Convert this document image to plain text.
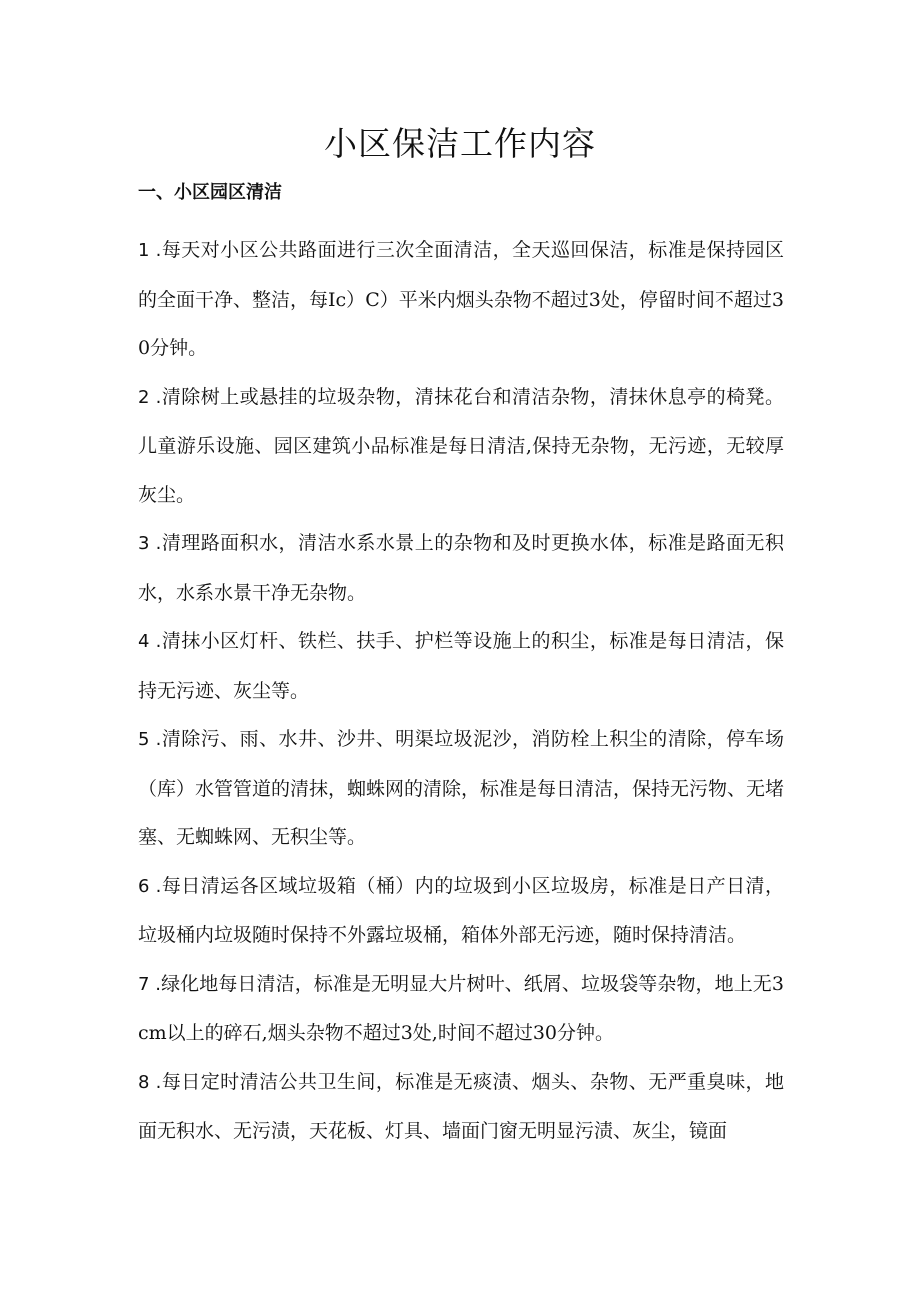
小区保洁工作内容
一、小区园区清洁

1 .每天对小区公共路面进行三次全面清洁，全天巡回保洁，标准是保持园区的全面干净、整洁，每Ic）C）平米内烟头杂物不超过3处，停留时间不超过30分钟。

2 .清除树上或悬挂的垃圾杂物，清抹花台和清洁杂物，清抹休息亭的椅凳。儿童游乐设施、园区建筑小品标准是每日清洁,保持无杂物，无污迹，无较厚灰尘。

3 .清理路面积水，清洁水系水景上的杂物和及时更换水体，标准是路面无积水，水系水景干净无杂物。

4 .清抹小区灯杆、铁栏、扶手、护栏等设施上的积尘，标准是每日清洁，保持无污迹、灰尘等。

5 .清除污、雨、水井、沙井、明渠垃圾泥沙，消防栓上积尘的清除，停车场（库）水管管道的清抹，蜘蛛网的清除，标准是每日清洁，保持无污物、无堵塞、无蜘蛛网、无积尘等。

6 .每日清运各区域垃圾箱（桶）内的垃圾到小区垃圾房，标准是日产日清，垃圾桶内垃圾随时保持不外露垃圾桶，箱体外部无污迹，随时保持清洁。

7 .绿化地每日清洁，标准是无明显大片树叶、纸屑、垃圾袋等杂物，地上无3cm以上的碎石,烟头杂物不超过3处,时间不超过30分钟。

8 .每日定时清洁公共卫生间，标准是无痰渍、烟头、杂物、无严重臭味，地面无积水、无污渍，天花板、灯具、墙面门窗无明显污渍、灰尘，镜面
